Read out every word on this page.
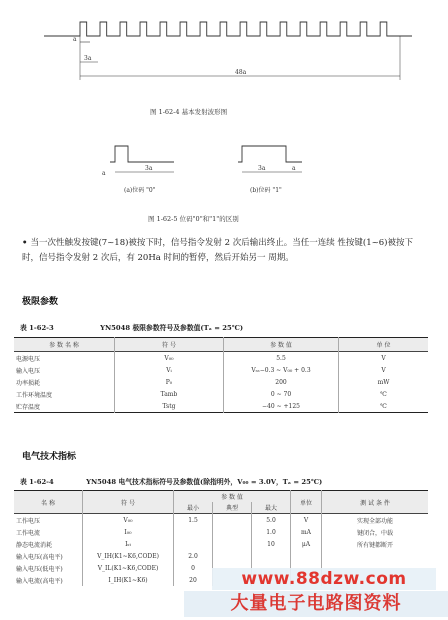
a
3a
48a
图 1-62-4 基本发射波形图
a
3a	3a	a
(a)位码 "0"	(b)位码 "1"
图 1-62-5 位码"0"和"1"的区别
• 当一次性触发按键(7~18)被按下时，信号指令发射 2 次后输出终止。当任一连续 性按键(1~6)被按下时，信号指令发射 2 次后，有 20Ha 时间的暂停，然后开始另一 周期。
极限参数
表 1-62-3	YN5048 极限参数符号及参数值(Tₐ = 25℃)
参 数 名 称	符 号	参 数 值	单 位
电源电压	V₀₀	5.5	V
输入电压	Vᵢ	Vₛₛ−0.3 ~ V₀₀ + 0.3	V
功率损耗	P₀	200	mW
工作环境温度	Tamb	0 ~ 70	℃
贮存温度	Tstg	−40 ~ +125	℃
电气技术指标
表 1-62-4	YN5048 电气技术指标符号及参数值(除指明外，V₀₀ = 3.0V，Tₐ = 25℃)
名 称	符 号	参 数 值			单位	测 试 条 件
		最小	典型	最大		
工作电压	V₀₀	1.5		5.0	V	实现全部功能
工作电流	I₀₀			1.0	mA	键闭合，中载
静态电流消耗	Iₛₜ			10	μA	所有键都断开
输入电压(高电平)	V_IH(K1~K6,CODE)	2.0				
输入电压(低电平)	V_IL(K1~K6,CODE)	0				
输入电流(高电平)	I_IH(K1~K6)	20					www.88dzw.com
大量电子电路图资料
